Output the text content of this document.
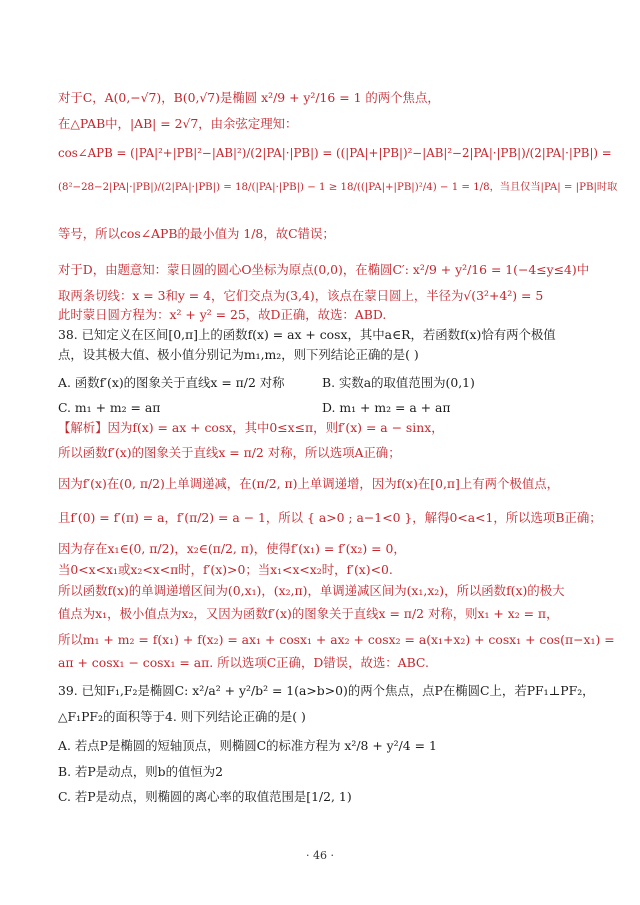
对于C，A(0,−√7)，B(0,√7)是椭圆 x²/9 + y²/16 = 1 的两个焦点，
在△PAB中，|AB| = 2√7，由余弦定理知：
cos∠APB = (|PA|²+|PB|²−|AB|²)/(2|PA|·|PB|) = ((|PA|+|PB|)²−|AB|²−2|PA|·|PB|)/(2|PA|·|PB|) =
(8²−28−2|PA|·|PB|)/(2|PA|·|PB|) = 18/(|PA|·|PB|) − 1 ≥ 18/((|PA|+|PB|)²/4) − 1 = 1/8，当且仅当|PA| = |PB|时取
等号，所以cos∠APB的最小值为 1/8，故C错误；
对于D，由题意知：蒙日圆的圆心O坐标为原点(0,0)，在椭圆C′: x²/9 + y²/16 = 1(−4≤y≤4)中
取两条切线：x = 3和y = 4，它们交点为(3,4)，该点在蒙日圆上，半径为√(3²+4²) = 5
此时蒙日圆方程为：x² + y² = 25，故D正确，故选：ABD.
38. 已知定义在区间[0,π]上的函数f(x) = ax + cosx，其中a∈R，若函数f(x)恰有两个极值
点，设其极大值、极小值分别记为m₁,m₂，则下列结论正确的是( )
A. 函数f′(x)的图象关于直线x = π/2 对称	B. 实数a的取值范围为(0,1)
C. m₁ + m₂ = aπ	D. m₁ + m₂ = a + aπ
【解析】因为f(x) = ax + cosx，其中0≤x≤π，则f′(x) = a − sinx，
所以函数f′(x)的图象关于直线x = π/2 对称，所以选项A正确；
因为f′(x)在(0, π/2)上单调递减，在(π/2, π)上单调递增，因为f(x)在[0,π]上有两个极值点，
且f′(0) = f′(π) = a，f′(π/2) = a − 1，所以 { a>0 ; a−1<0 }，解得0<a<1，所以选项B正确；
因为存在x₁∈(0, π/2)，x₂∈(π/2, π)，使得f′(x₁) = f′(x₂) = 0，
当0<x<x₁或x₂<x<π时，f′(x)>0；当x₁<x<x₂时，f′(x)<0.
所以函数f(x)的单调递增区间为(0,x₁)，(x₂,π)，单调递减区间为(x₁,x₂)，所以函数f(x)的极大
值点为x₁，极小值点为x₂，又因为函数f′(x)的图象关于直线x = π/2 对称，则x₁ + x₂ = π，
所以m₁ + m₂ = f(x₁) + f(x₂) = ax₁ + cosx₁ + ax₂ + cosx₂ = a(x₁+x₂) + cosx₁ + cos(π−x₁) =
aπ + cosx₁ − cosx₁ = aπ. 所以选项C正确，D错误，故选：ABC.
39. 已知F₁,F₂是椭圆C: x²/a² + y²/b² = 1(a>b>0)的两个焦点，点P在椭圆C上，若PF₁⊥PF₂，
△F₁PF₂的面积等于4. 则下列结论正确的是( )
A. 若点P是椭圆的短轴顶点，则椭圆C的标准方程为 x²/8 + y²/4 = 1
B. 若P是动点，则b的值恒为2
C. 若P是动点，则椭圆的离心率的取值范围是[1/2, 1)
· 46 ·
